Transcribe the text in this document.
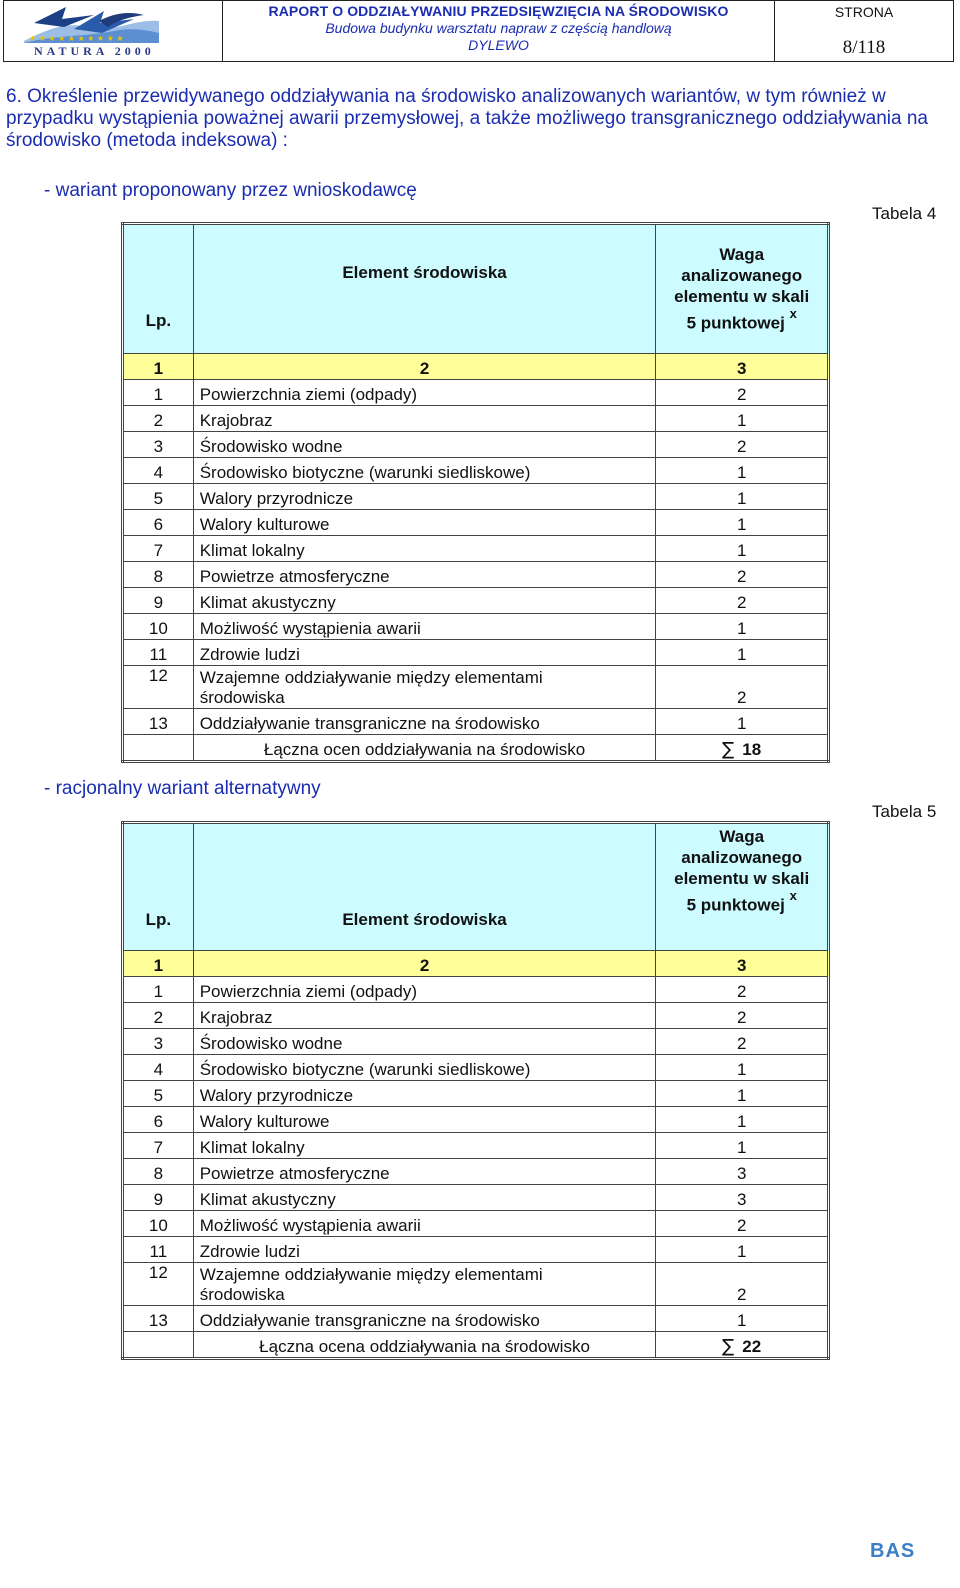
★ ★ ★ ★ ★ ★ ★ ★ ★ ★
NATURA 2000
RAPORT O ODDZIAŁYWANIU PRZEDSIĘWZIĘCIA NA ŚRODOWISKO
Budowa budynku warsztatu napraw z częścią handlową
DYLEWO
STRONA
8/118
6. Określenie przewidywanego oddziaływania na środowisko analizowanych wariantów, w tym również w przypadku wystąpienia poważnej awarii przemysłowej, a także możliwego transgranicznego oddziaływania na środowisko (metoda indeksowa) :
- wariant proponowany przez wnioskodawcę
Tabela 4
Lp.	Element środowiska	Waga
analizowanego
elementu w skali
5 punktowej $^x$

1	2	3
1	Powierzchnia ziemi (odpady)	2
2	Krajobraz	1
3	Środowisko wodne	2
4	Środowisko biotyczne (warunki siedliskowe)	1
5	Walory przyrodnicze	1
6	Walory kulturowe	1
7	Klimat lokalny	1
8	Powietrze atmosferyczne	2
9	Klimat akustyczny	2
10	Możliwość wystąpienia awarii	1
11	Zdrowie ludzi	1
12	Wzajemne oddziaływanie między elementami
środowiska	2
13	Oddziaływanie transgraniczne na środowisko	1
	Łączna ocen oddziaływania na środowisko	∑ 18
- racjonalny wariant alternatywny
Tabela 5
Lp.	Element środowiska	Waga
analizowanego
elementu w skali
5 punktowej $^x$

1	2	3
1	Powierzchnia ziemi (odpady)	2
2	Krajobraz	2
3	Środowisko wodne	2
4	Środowisko biotyczne (warunki siedliskowe)	1
5	Walory przyrodnicze	1
6	Walory kulturowe	1
7	Klimat lokalny	1
8	Powietrze atmosferyczne	3
9	Klimat akustyczny	3
10	Możliwość wystąpienia awarii	2
11	Zdrowie ludzi	1
12	Wzajemne oddziaływanie między elementami
środowiska	2
13	Oddziaływanie transgraniczne na środowisko	1
	Łączna ocena oddziaływania na środowisko	∑ 22
BAS
